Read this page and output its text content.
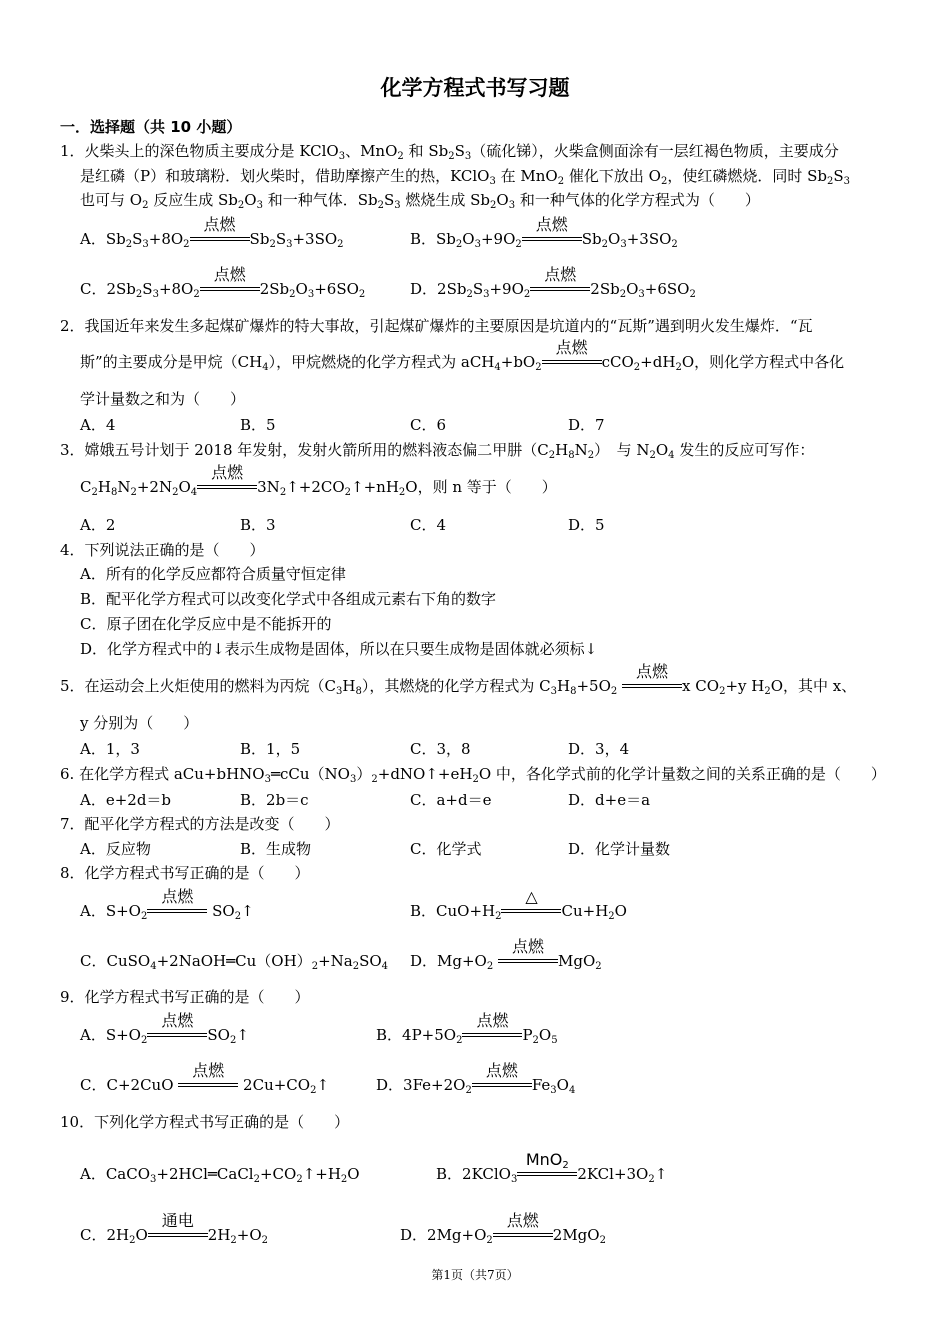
化学方程式书写习题
一．选择题（共 10 小题）
1．火柴头上的深色物质主要成分是 KClO$_3$、MnO$_2$ 和 $Sb_2S_3$（硫化锑），火柴盒侧面涂有一层红褐色物质，主要成分
是红磷（P）和玻璃粉．划火柴时，借助摩擦产生的热，KClO$_3$ 在 MnO$_2$ 催化下放出 $O_2$，使红磷燃烧．同时 $Sb_2S_3$
也可与 $O_2$ 反应生成 $Sb_2O_3$ 和一种气体．$Sb_2S_3$ 燃烧生成 $Sb_2O_3$ 和一种气体的化学方程式为（　　）
A．$Sb_2S_3+8O_2$
点燃
$Sb_2S_3+3SO_2$	B．$Sb_2O_3+9O_2$
点燃
$Sb_2O_3+3SO_2$
C．$2Sb_2S_3+8O_2$
点燃
$2Sb_2O_3+6SO_2$	D．$2Sb_2S_3+9O_2$
点燃
$2Sb_2O_3+6SO_2$
2．我国近年来发生多起煤矿爆炸的特大事故，引起煤矿爆炸的主要原因是坑道内的“瓦斯”遇到明火发生爆炸．“瓦
斯”的主要成分是甲烷$(CH_4)$，甲烷燃烧的化学方程式为 $aCH_4+bO_2$
点燃
$cCO_2+dH_2O$，则化学方程式中各化
学计量数之和为（　　）
A．4	B．5	C．6	D．7
3．嫦娥五号计划于 2018 年发射，发射火箭所用的燃料液态偏二甲肼$(C_2H_8N_2)$　与 $N_2O_4$ 发生的反应可写作：
$C_2H_8N_2+2N_2O_4$
点燃
$3N_2↑+2CO_2↑+nH_2O$，则 n 等于（　　）
A．2	B．3	C．4	D．5
4．下列说法正确的是（　　）
A．所有的化学反应都符合质量守恒定律
B．配平化学方程式可以改变化学式中各组成元素右下角的数字
C．原子团在化学反应中是不能拆开的
D．化学方程式中的↓表示生成物是固体，所以在只要生成物是固体就必须标↓
5．在运动会上火炬使用的燃料为丙烷$(C_3H_8)$，其燃烧的化学方程式为 $C_3H_8+5O_2$
点燃
x $CO_2+y$ $H_2O$，其中 x、
y 分别为（　　）
A．1，3	B．1，5	C．3，8	D．3，4
6. 在化学方程式 $aCu+bHNO_3═cCu(NO_3)_2+dNO↑+eH_2O$ 中，各化学式前的化学计量数之间的关系正确的是（　　）
A．e+2d＝b	B．2b＝c	C．a+d＝e	D．d+e＝a
7．配平化学方程式的方法是改变（　　）
A．反应物	B．生成物	C．化学式	D．化学计量数
8．化学方程式书写正确的是（　　）
A．$S+O_2$
点燃
$SO_2↑$	B．$CuO+H_2$
△
$Cu+H_2O$
C．$CuSO_4+2NaOH═Cu(OH)_2+Na_2SO_4$ D．$Mg+O_2$
点燃
MgO$_2$
9．化学方程式书写正确的是（　　）
A．$S+O_2$
点燃
$SO_2↑$	B．$4P+5O_2$
点燃
$P_2O_5$
C．C+2CuO
点燃
$2Cu+CO_2↑$	D．$3Fe+2O_2$
点燃
$Fe_3O_4$
10．下列化学方程式书写正确的是（　　）
A．$CaCO_3+2HCl═CaCl_2+CO_2↑+H_2O$	B．2KClO$_3$
MnO$_2$ $2KCl+3O_2↑$
C．$2H_2O$
通电
$2H_2+O_2$	D．$2Mg+O_2$
点燃
2MgO$_2$
第1页（共7页）
